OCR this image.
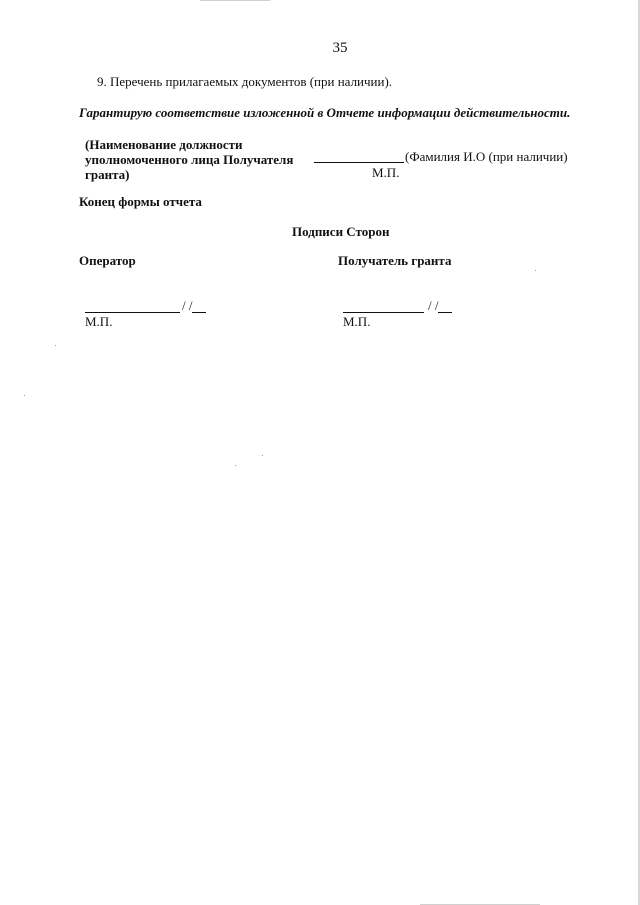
35
9. Перечень прилагаемых документов (при наличии).
Гарантирую соответствие изложенной в Отчете информации действительности.
(Наименование должности
уполномоченного лица Получателя
гранта)
(Фамилия И.О (при наличии)
М.П.
Конец формы отчета
Подписи Сторон
Оператор	Получатель гранта
/ /
М.П.
/ /
М.П.
